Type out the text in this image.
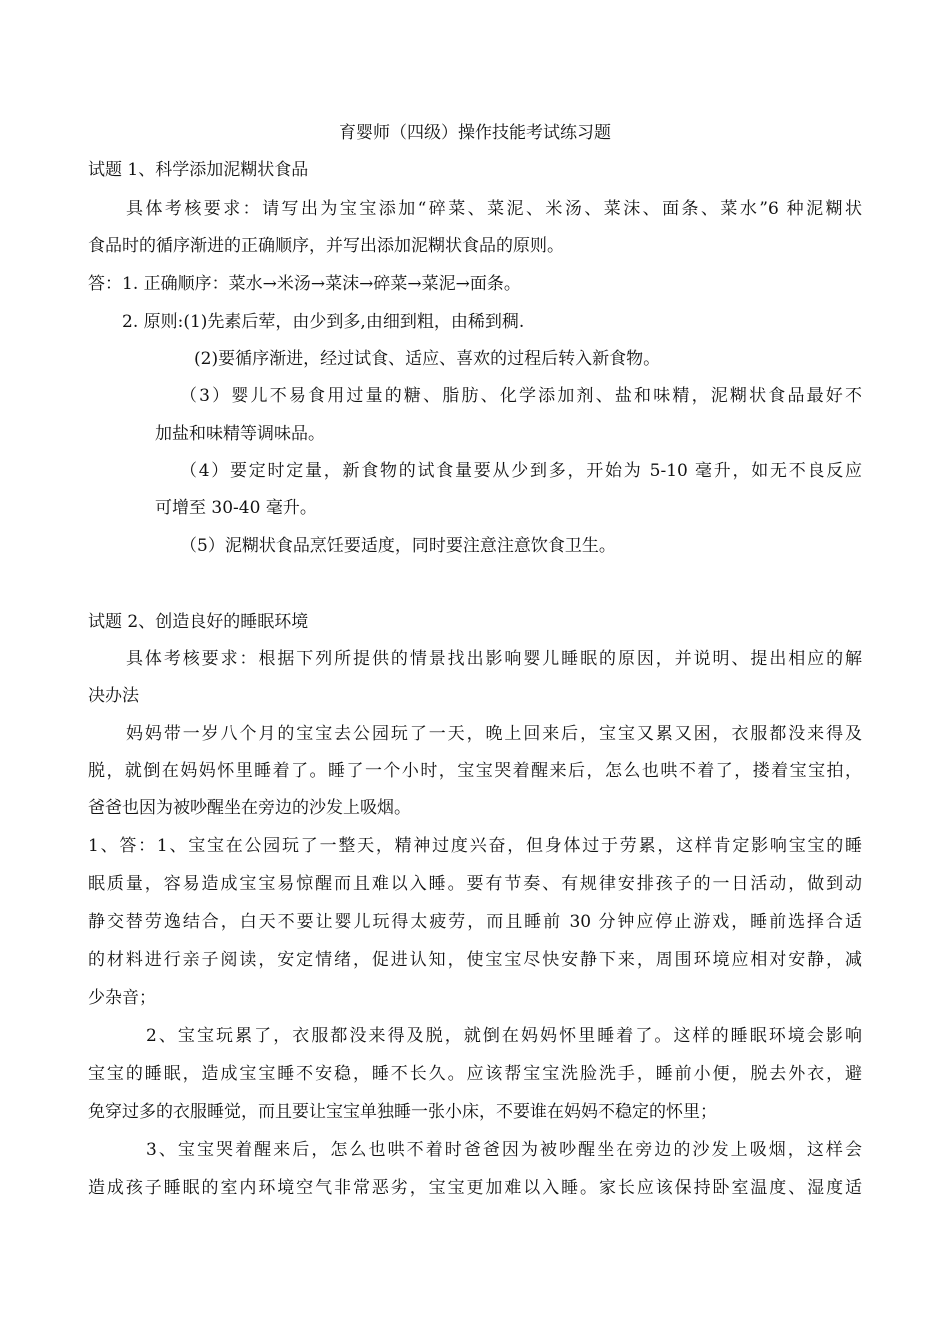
育婴师（四级）操作技能考试练习题
试题 1、科学添加泥糊状食品
具体考核要求：请写出为宝宝添加“碎菜、菜泥、米汤、菜沫、面条、菜水”6 种泥糊状
食品时的循序渐进的正确顺序，并写出添加泥糊状食品的原则。
答：1. 正确顺序：菜水→米汤→菜沫→碎菜→菜泥→面条。
2. 原则:(1)先素后荤，由少到多,由细到粗，由稀到稠.
(2)要循序渐进，经过试食、适应、喜欢的过程后转入新食物。
（3）婴儿不易食用过量的糖、脂肪、化学添加剂、盐和味精，泥糊状食品最好不
加盐和味精等调味品。
（4）要定时定量，新食物的试食量要从少到多，开始为 5-10 毫升，如无不良反应
可增至 30-40 毫升。
（5）泥糊状食品烹饪要适度，同时要注意注意饮食卫生。
试题 2、创造良好的睡眠环境
具体考核要求：根据下列所提供的情景找出影响婴儿睡眠的原因，并说明、提出相应的解
决办法
妈妈带一岁八个月的宝宝去公园玩了一天，晚上回来后，宝宝又累又困，衣服都没来得及
脱，就倒在妈妈怀里睡着了。睡了一个小时，宝宝哭着醒来后，怎么也哄不着了，搂着宝宝拍，
爸爸也因为被吵醒坐在旁边的沙发上吸烟。
1、答：1、宝宝在公园玩了一整天，精神过度兴奋，但身体过于劳累，这样肯定影响宝宝的睡
眠质量，容易造成宝宝易惊醒而且难以入睡。要有节奏、有规律安排孩子的一日活动，做到动
静交替劳逸结合，白天不要让婴儿玩得太疲劳，而且睡前 30 分钟应停止游戏，睡前选择合适
的材料进行亲子阅读，安定情绪，促进认知，使宝宝尽快安静下来，周围环境应相对安静，减
少杂音；
2、宝宝玩累了，衣服都没来得及脱，就倒在妈妈怀里睡着了。这样的睡眠环境会影响
宝宝的睡眠，造成宝宝睡不安稳，睡不长久。应该帮宝宝洗脸洗手，睡前小便，脱去外衣，避
免穿过多的衣服睡觉，而且要让宝宝单独睡一张小床，不要谁在妈妈不稳定的怀里；
3、宝宝哭着醒来后，怎么也哄不着时爸爸因为被吵醒坐在旁边的沙发上吸烟，这样会
造成孩子睡眠的室内环境空气非常恶劣，宝宝更加难以入睡。家长应该保持卧室温度、湿度适
